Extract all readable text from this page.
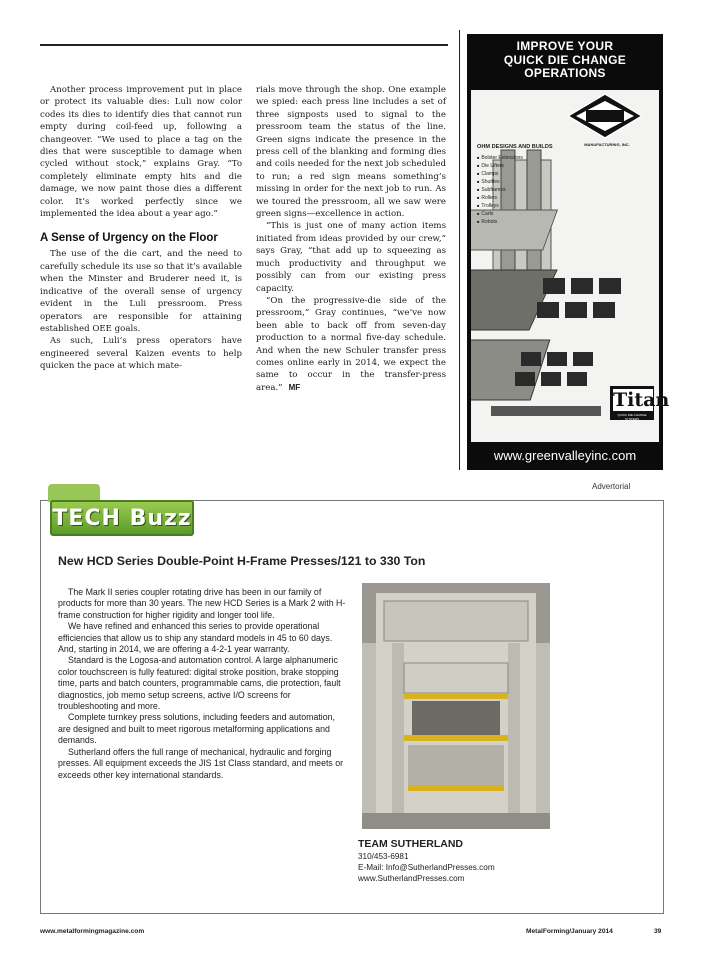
Another process improvement put in place or protect its valuable dies: Luli now color codes its dies to identify dies that cannot run empty during coil-feed up, following a changeover. “We used to place a tag on the dies that were susceptible to damage when cycled without stock,” explains Gray. “To completely eliminate empty hits and die damage, we now paint those dies a different color. It’s worked perfectly since we implemented the idea about a year ago.”

A Sense of Urgency on the Floor

The use of the die cart, and the need to carefully schedule its use so that it’s available when the Minster and Bruderer need it, is indicative of the overall sense of urgency evident in the Luli pressroom. Press operators are responsible for attaining established OEE goals.

As such, Luli’s press operators have engineered several Kaizen events to help quicken the pace at which mate-

rials move through the shop. One example we spied: each press line includes a set of three signposts used to signal to the pressroom team the status of the line. Green signs indicate the presence in the press cell of the blanking and forming dies and coils needed for the next job scheduled to run; a red sign means something’s missing in order for the next job to run. As we toured the pressroom, all we saw were green signs—excellence in action.

“This is just one of many action items initiated from ideas provided by our crew,” says Gray, “that add up to squeezing as much productivity and throughput we possibly can from our existing press capacity.

“On the progressive-die side of the pressroom,” Gray continues, “we’ve now been able to back off from seven-day production to a normal five-day schedule. And when the new Schuler transfer press comes online early in 2014, we expect the same to occur in the transfer-press area.” MF

IMPROVE YOUR
QUICK DIE CHANGE
OPERATIONS
OHM DESIGNS AND BUILDS
■ Bolster Extensions
■ Die Lifters
■ Clamps
■ Shuttles
■ Subframes
■ Rollers
■ Trolleys
■ Carts
■ Robots
MANUFACTURING, INC.
Titan
QUICK DIE CHANGE SYSTEMS
www.greenvalleyinc.com
Advertorial
TECH Buzz
New HCD Series Double-Point H-Frame Presses/121 to 330 Ton

The Mark II series coupler rotating drive has been in our family of products for more than 30 years. The new HCD Series is a Mark 2 with H-frame construction for higher rigidity and longer tool life.

We have refined and enhanced this series to provide operational efficiencies that allow us to ship any standard models in 45 to 60 days. And, starting in 2014, we are offering a 4-2-1 year warranty.

Standard is the Logosa-and automation control. A large alphanumeric color touchscreen is fully featured: digital stroke position, brake stopping time, parts and batch counters, programmable cams, die protection, fault diagnostics, job memo setup screens, active I/O screens for troubleshooting and more.

Complete turnkey press solutions, including feeders and automation, are designed and built to meet rigorous metalforming applications and demands.

Sutherland offers the full range of mechanical, hydraulic and forging presses. All equipment exceeds the JIS 1st Class standard, and meets or exceeds other key international standards.

TEAM SUTHERLAND
310/453-6981
E-Mail: Info@SutherlandPresses.com
www.SutherlandPresses.com
www.metalformingmagazine.com	MetalForming/January 2014	39
